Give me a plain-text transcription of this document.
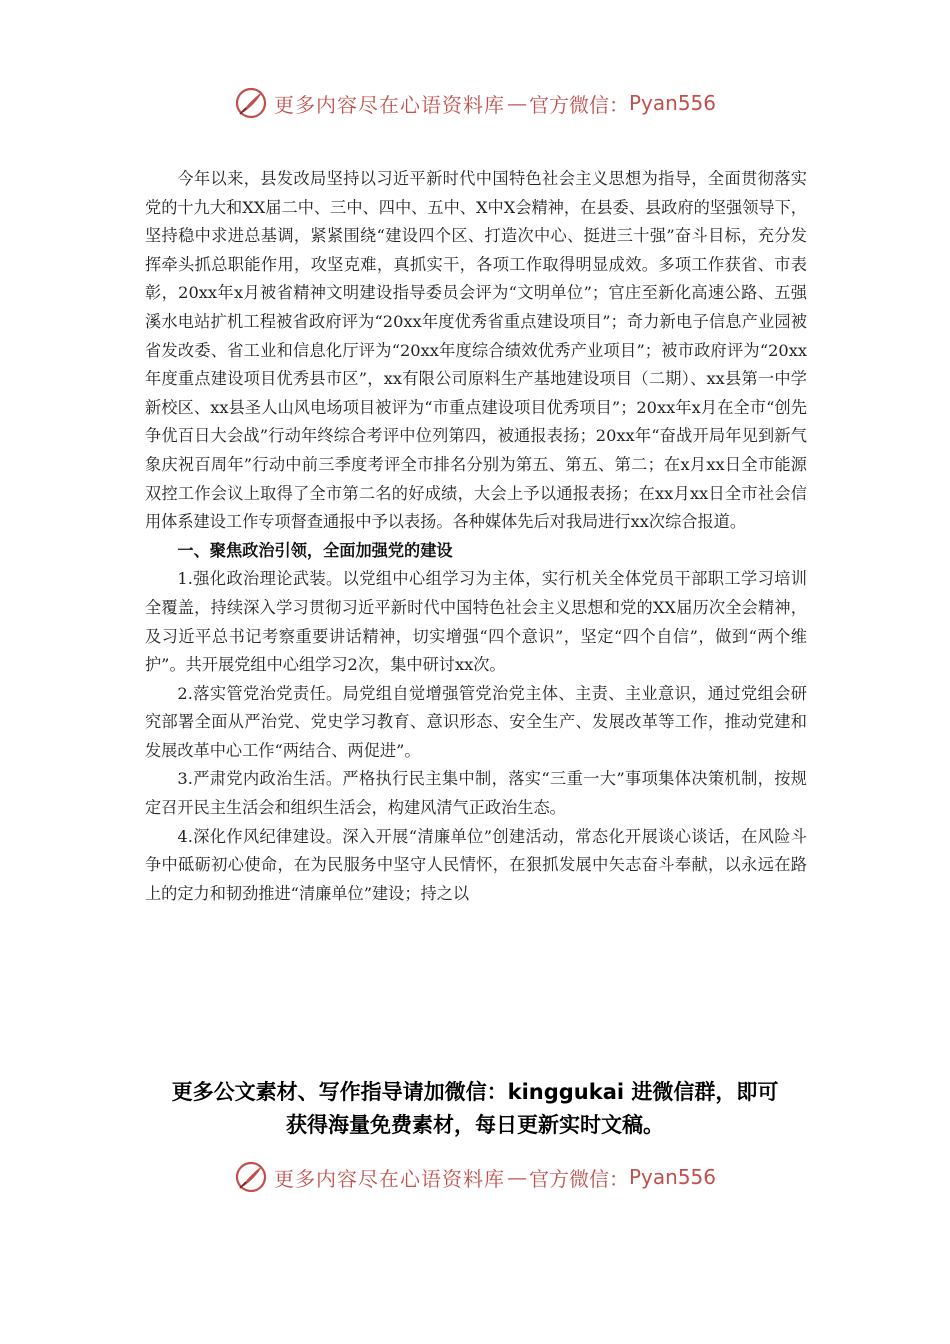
更多内容尽在心语资料库 — 官方微信： Pyan556

今年以来，县发改局坚持以习近平新时代中国特色社会主义思想为指导，全面贯彻落实党的十九大和XX届二中、三中、四中、五中、X中X会精神，在县委、县政府的坚强领导下，坚持稳中求进总基调，紧紧围绕“建设四个区、打造次中心、挺进三十强”奋斗目标，充分发挥牵头抓总职能作用，攻坚克难，真抓实干，各项工作取得明显成效。多项工作获省、市表彰，20xx年x月被省精神文明建设指导委员会评为“文明单位”；官庄至新化高速公路、五强溪水电站扩机工程被省政府评为“20xx年度优秀省重点建设项目”；奇力新电子信息产业园被省发改委、省工业和信息化厅评为“20xx年度综合绩效优秀产业项目”；被市政府评为“20xx年度重点建设项目优秀县市区”，xx有限公司原料生产基地建设项目（二期）、xx县第一中学新校区、xx县圣人山风电场项目被评为“市重点建设项目优秀项目”；20xx年x月在全市“创先争优百日大会战”行动年终综合考评中位列第四，被通报表扬；20xx年“奋战开局年见到新气象庆祝百周年”行动中前三季度考评全市排名分别为第五、第五、第二；在x月xx日全市能源双控工作会议上取得了全市第二名的好成绩，大会上予以通报表扬；在xx月xx日全市社会信用体系建设工作专项督查通报中予以表扬。各种媒体先后对我局进行xx次综合报道。

一、聚焦政治引领，全面加强党的建设

1.强化政治理论武装。以党组中心组学习为主体，实行机关全体党员干部职工学习培训全覆盖，持续深入学习贯彻习近平新时代中国特色社会主义思想和党的XX届历次全会精神，及习近平总书记考察重要讲话精神，切实增强“四个意识”，坚定“四个自信”，做到“两个维护”。共开展党组中心组学习2次，集中研讨xx次。

2.落实管党治党责任。局党组自觉增强管党治党主体、主责、主业意识，通过党组会研究部署全面从严治党、党史学习教育、意识形态、安全生产、发展改革等工作，推动党建和发展改革中心工作“两结合、两促进”。

3.严肃党内政治生活。严格执行民主集中制，落实“三重一大”事项集体决策机制，按规定召开民主生活会和组织生活会，构建风清气正政治生态。

4.深化作风纪律建设。深入开展“清廉单位”创建活动，常态化开展谈心谈话，在风险斗争中砥砺初心使命，在为民服务中坚守人民情怀，在狠抓发展中矢志奋斗奉献，以永远在路上的定力和韧劲推进“清廉单位”建设；持之以

更多公文素材、写作指导请加微信：kinggukai 进微信群，即可
获得海量免费素材，每日更新实时文稿。
更多内容尽在心语资料库 — 官方微信： Pyan556
